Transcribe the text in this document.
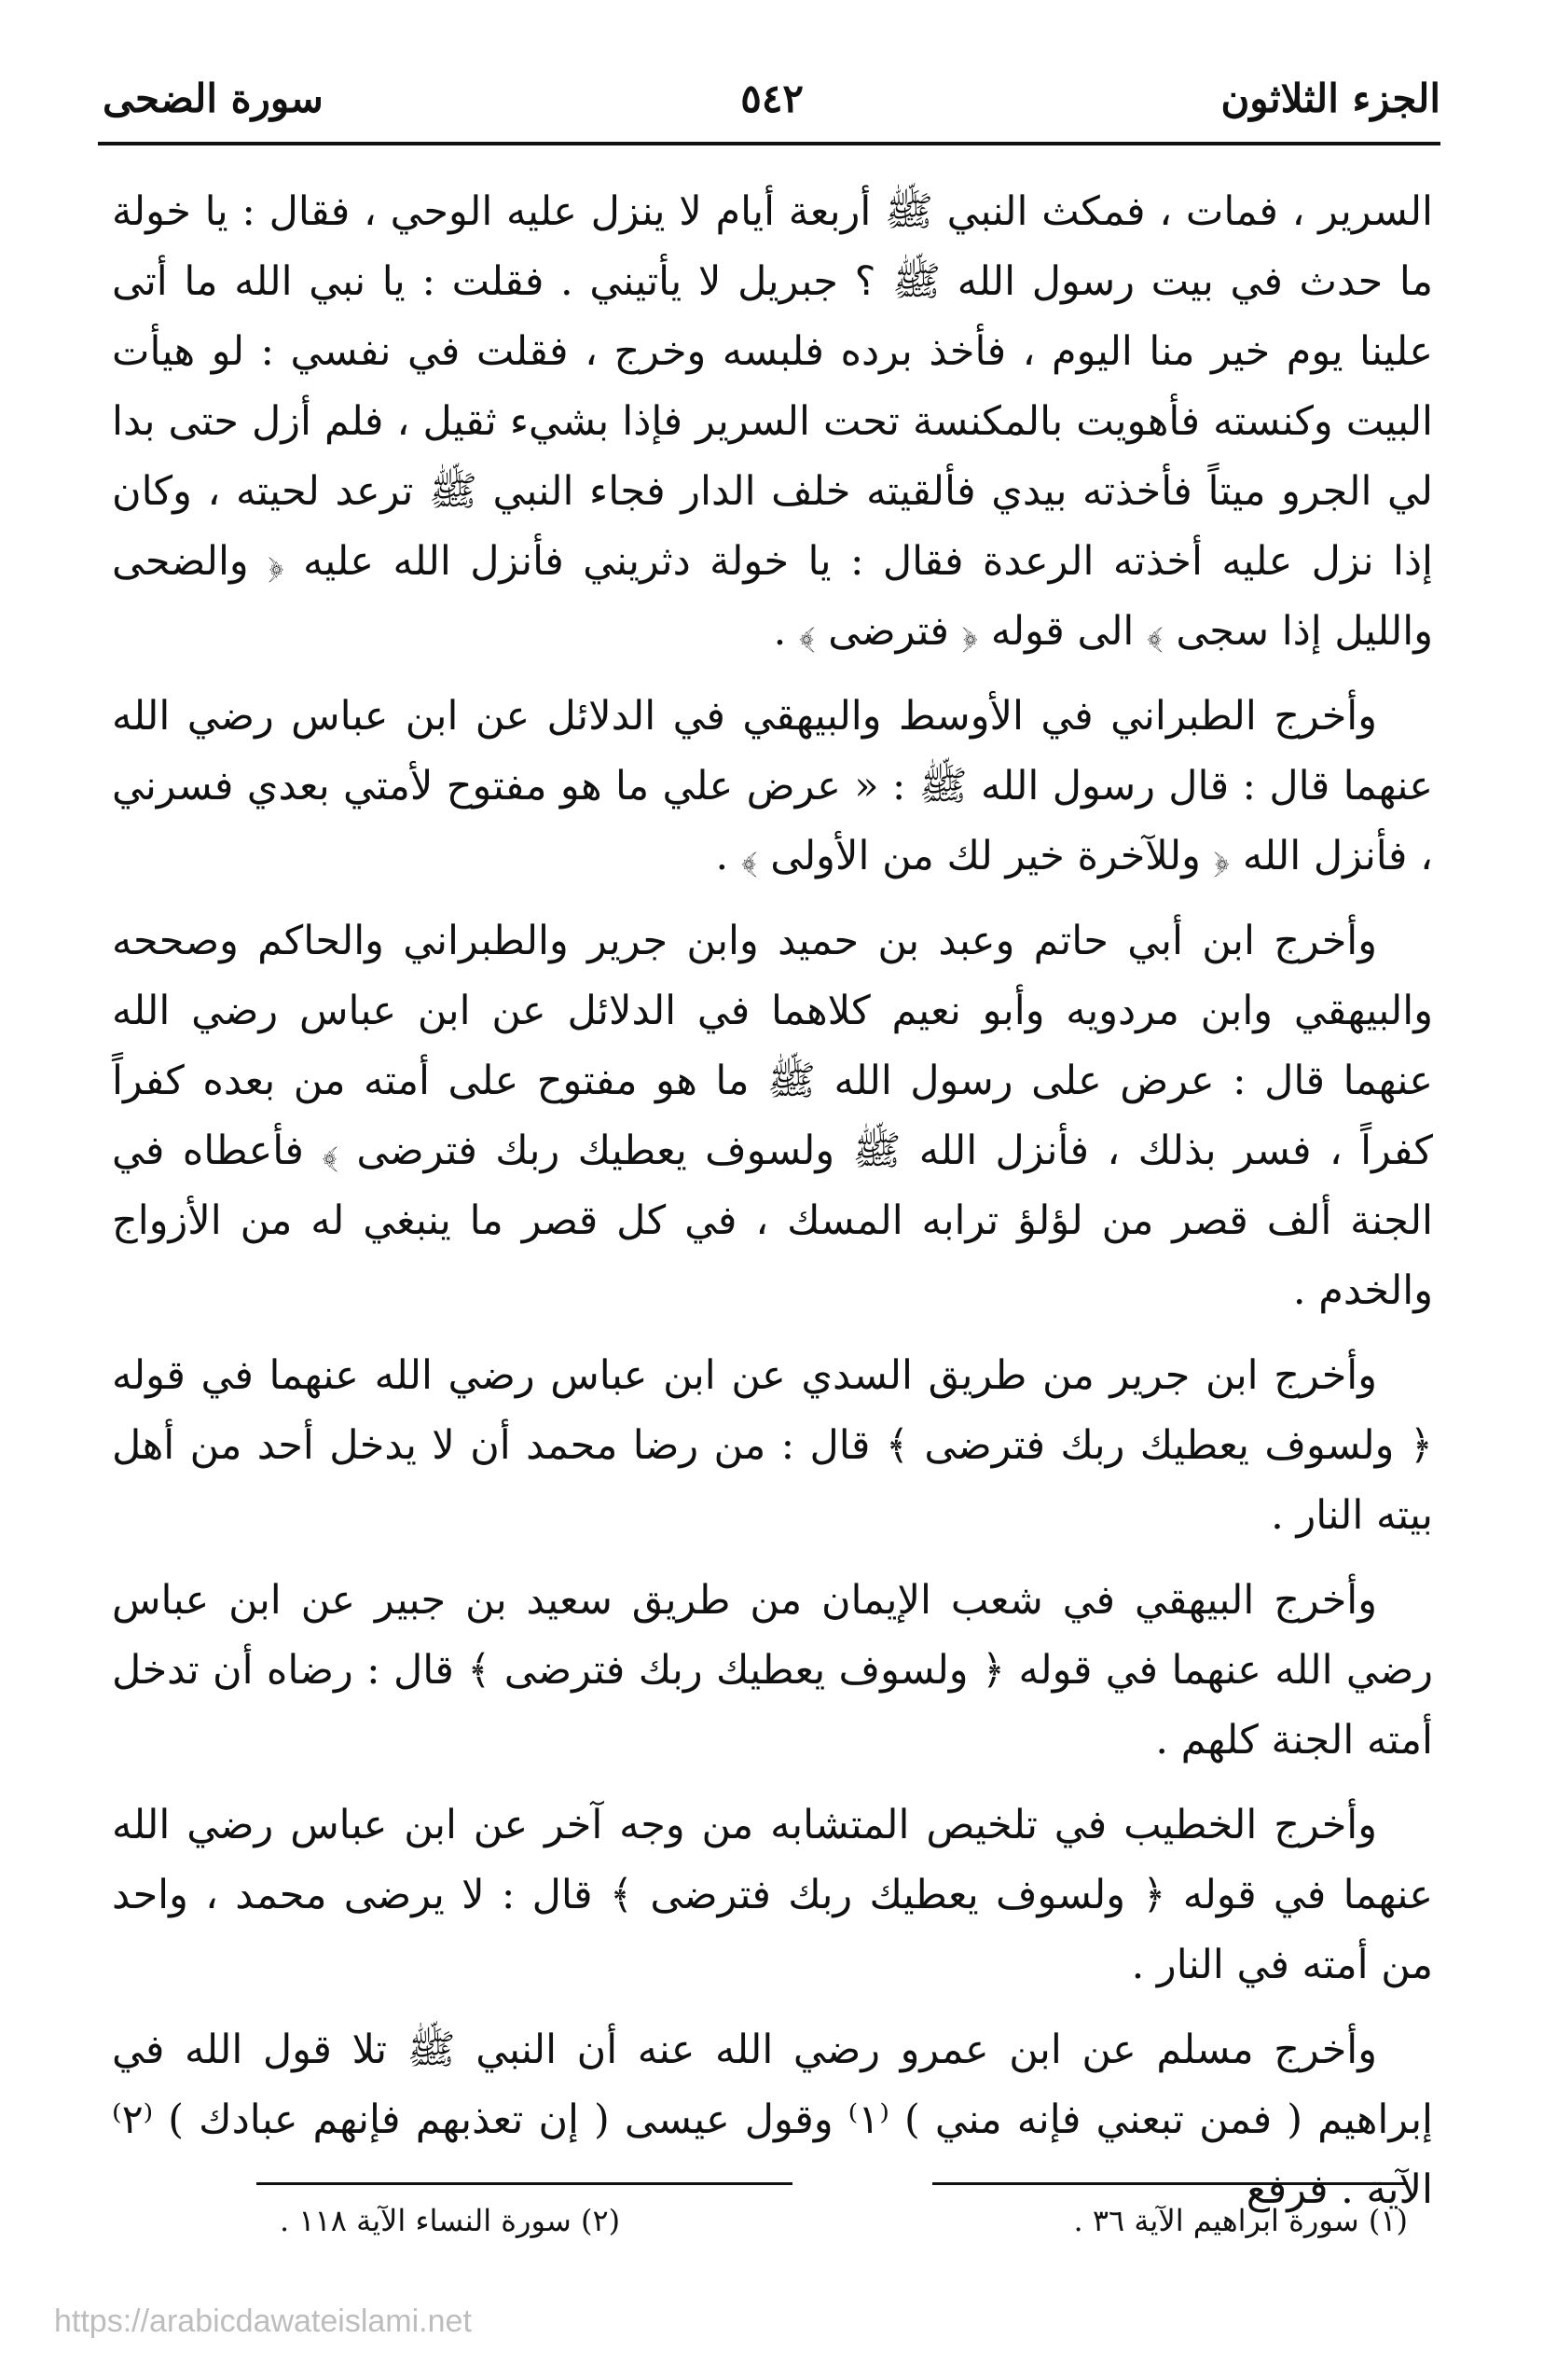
الجزء الثلاثون
٥٤٢
سورة الضحى

السرير ، فمات ، فمكث النبي ﷺ أربعة أيام لا ينزل عليه الوحي ، فقال : يا خولة ما حدث في بيت رسول الله ﷺ ؟ جبريل لا يأتيني . فقلت : يا نبي الله ما أتى علينا يوم خير منا اليوم ، فأخذ برده فلبسه وخرج ، فقلت في نفسي : لو هيأت البيت وكنسته فأهويت بالمكنسة تحت السرير فإذا بشيء ثقيل ، فلم أزل حتى بدا لي الجرو ميتاً فأخذته بيدي فألقيته خلف الدار فجاء النبي ﷺ ترعد لحيته ، وكان إذا نزل عليه أخذته الرعدة فقال : يا خولة دثريني فأنزل الله عليه ﴿ والضحى والليل إذا سجى ﴾ الى قوله ﴿ فترضى ﴾ .

وأخرج الطبراني في الأوسط والبيهقي في الدلائل عن ابن عباس رضي الله عنهما قال : قال رسول الله ﷺ : « عرض علي ما هو مفتوح لأمتي بعدي فسرني ، فأنزل الله ﴿ وللآخرة خير لك من الأولى ﴾ .

وأخرج ابن أبي حاتم وعبد بن حميد وابن جرير والطبراني والحاكم وصححه والبيهقي وابن مردويه وأبو نعيم كلاهما في الدلائل عن ابن عباس رضي الله عنهما قال : عرض على رسول الله ﷺ ما هو مفتوح على أمته من بعده كفراً كفراً ، فسر بذلك ، فأنزل الله ﷺ ولسوف يعطيك ربك فترضى ﴾ فأعطاه في الجنة ألف قصر من لؤلؤ ترابه المسك ، في كل قصر ما ينبغي له من الأزواج والخدم .

وأخرج ابن جرير من طريق السدي عن ابن عباس رضي الله عنهما في قوله ﴿ ولسوف يعطيك ربك فترضى ﴾ قال : من رضا محمد أن لا يدخل أحد من أهل بيته النار .

وأخرج البيهقي في شعب الإيمان من طريق سعيد بن جبير عن ابن عباس رضي الله عنهما في قوله ﴿ ولسوف يعطيك ربك فترضى ﴾ قال : رضاه أن تدخل أمته الجنة كلهم .

وأخرج الخطيب في تلخيص المتشابه من وجه آخر عن ابن عباس رضي الله عنهما في قوله ﴿ ولسوف يعطيك ربك فترضى ﴾ قال : لا يرضى محمد ، واحد من أمته في النار .

وأخرج مسلم عن ابن عمرو رضي الله عنه أن النبي ﷺ تلا قول الله في إبراهيم ( فمن تبعني فإنه مني ) ⁽١⁾ وقول عيسى ( إن تعذبهم فإنهم عبادك ) ⁽٢⁾ الآية . فرفع

(١) سورة ابراهيم الآية ٣٦ .
(٢) سورة النساء الآية ١١٨ .
https://arabicdawateislami.net
